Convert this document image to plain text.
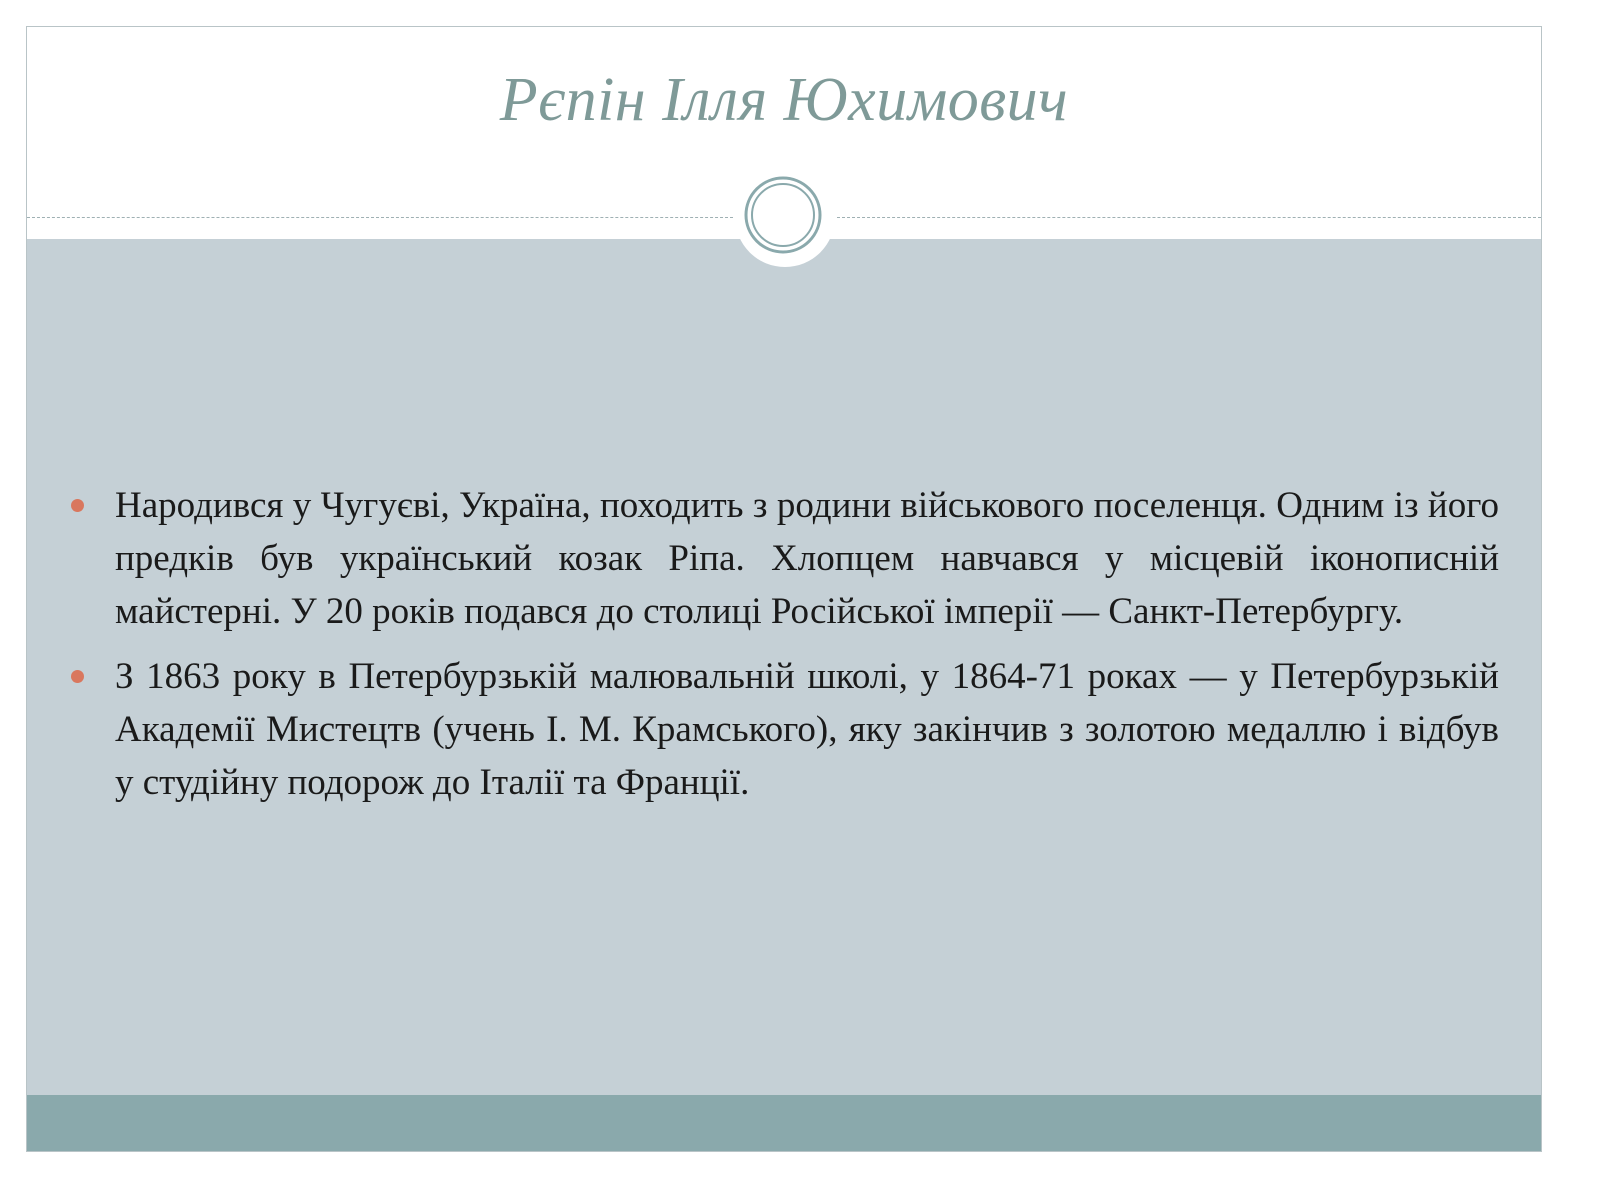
Рєпін Ілля Юхимович
Народився у Чугуєві, Україна, походить з родини військового поселенця. Одним із його предків був український козак Ріпа. Хлопцем навчався у місцевій іконописній майстерні. У 20 років подався до столиці Російської імперії — Санкт-Петербургу.
З 1863 року в Петербурзькій малювальній школі, у 1864-71 роках — у Петербурзькій Академії Мистецтв (учень І. М. Крамського), яку закінчив з золотою медаллю і відбув у студійну подорож до Італії та Франції.
